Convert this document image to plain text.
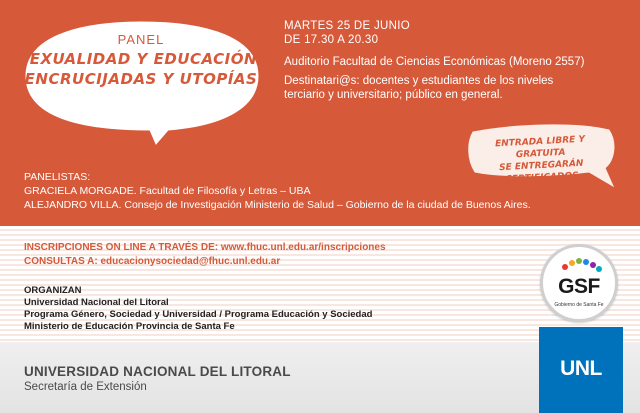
PANEL
SEXUALIDAD Y EDUCACIÓN:
ENCRUCIJADAS Y UTOPÍAS
MARTES 25 DE JUNIO
DE 17.30 A 20.30
Auditorio Facultad de Ciencias Económicas (Moreno 2557)
Destinatari@s: docentes y estudiantes de los niveles
terciario y universitario; público en general.
ENTRADA LIBRE Y GRATUITA
SE ENTREGARÁN CERTIFICADOS
PANELISTAS:
GRACIELA MORGADE. Facultad de Filosofía y Letras – UBA
ALEJANDRO VILLA. Consejo de Investigación Ministerio de Salud – Gobierno de la ciudad de Buenos Aires.
INSCRIPCIONES ON LINE A TRAVÉS DE: www.fhuc.unl.edu.ar/inscripciones
CONSULTAS A: educacionysociedad@fhuc.unl.edu.ar
ORGANIZAN
Universidad Nacional del Litoral
Programa Género, Sociedad y Universidad / Programa Educación y Sociedad
Ministerio de Educación Provincia de Santa Fe
GSF
Gobierno de Santa Fe
UNL
UNIVERSIDAD NACIONAL DEL LITORAL
Secretaría de Extensión
